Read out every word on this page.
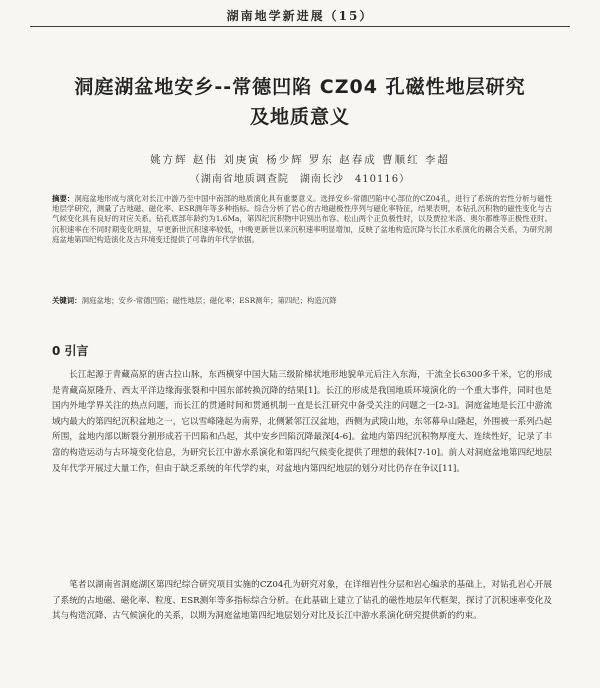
湖南地学新进展（15）
洞庭湖盆地安乡--常德凹陷 CZ04 孔磁性地层研究
及地质意义
姚方辉 赵伟 刘庚寅 杨少辉 罗东 赵春成 曹顺红 李超
（湖南省地质调查院　湖南长沙　410116）
摘要：洞庭盆地形成与演化对长江中游乃至中国中南部的地质演化具有重要意义。选择安乡-常德凹陷中心部位的CZ04孔，进行了系统的岩性分析与磁性地层学研究，测量了古地磁、磁化率、ESR测年等多种指标。综合分析了岩心的古地磁极性序列与磁化率特征，结果表明，本钻孔沉积物的磁性变化与古气候变化具有良好的对应关系。钻孔底部年龄约为1.6Ma，第四纪沉积物中识别出布容、松山两个正负极性时，以及贾拉米洛、奥尔都维等正极性亚时。沉积速率在不同时期变化明显，早更新世沉积速率较低，中晚更新世以来沉积速率明显增加，反映了盆地构造沉降与长江水系演化的耦合关系，为研究洞庭盆地第四纪构造演化及古环境变迁提供了可靠的年代学依据。
关键词：洞庭盆地；安乡-常德凹陷；磁性地层；磁化率；ESR测年；第四纪；构造沉降
0 引言
长江起源于青藏高原的唐古拉山脉，东西横穿中国大陆三级阶梯状地形地貌单元后注入东海，干流全长6300多千米，它的形成是青藏高原隆升、西太平洋边缘海张裂和中国东部转换沉降的结果[1]。长江的形成是我国地质环境演化的一个重大事件，同时也是国内外地学界关注的热点问题，而长江的贯通时间和贯通机制一直是长江研究中备受关注的问题之一[2-3]。洞庭盆地是长江中游流域内最大的第四纪沉积盆地之一，它以雪峰隆起为南界，北侧紧邻江汉盆地，西侧为武陵山地，东邻幕阜山隆起，外围被一系列凸起所围，盆地内部以断裂分割形成若干凹陷和凸起，其中安乡凹陷沉降最深[4-6]。盆地内第四纪沉积物厚度大、连续性好，记录了丰富的构造运动与古环境变化信息，为研究长江中游水系演化和第四纪气候变化提供了理想的载体[7-10]。前人对洞庭盆地第四纪地层及年代学开展过大量工作，但由于缺乏系统的年代学约束，对盆地内第四纪地层的划分对比仍存在争议[11]。
笔者以湖南省洞庭湖区第四纪综合研究项目实施的CZ04孔为研究对象，在详细岩性分层和岩心编录的基础上，对钻孔岩心开展了系统的古地磁、磁化率、粒度、ESR测年等多指标综合分析。在此基础上建立了钻孔的磁性地层年代框架，探讨了沉积速率变化及其与构造沉降、古气候演化的关系，以期为洞庭盆地第四纪地层划分对比及长江中游水系演化研究提供新的约束。
